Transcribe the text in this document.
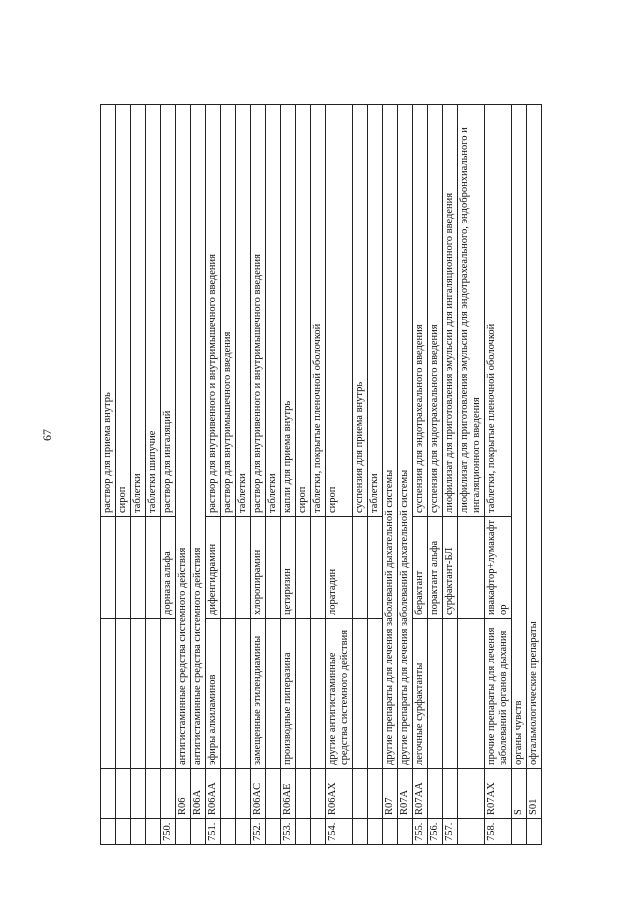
67
					раствор для приема внутрь
				сироп
				таблетки
				таблетки шипучие
750.			дорназа альфа	раствор для ингаляций
	R06	антигистаминные средства системного действия		
	R06A	антигистаминные средства системного действия		
751.	R06AA	эфиры алкиламинов	дифенгидрамин	раствор для внутривенного и внутримышечного введения
				раствор для внутримышечного введения
				таблетки
752.	R06AC	замещенные этилендиамины	хлоропирамин	раствор для внутривенного и внутримышечного введения
				таблетки
753.	R06AE	производные пиперазина	цетиризин	капли для приема внутрь
				сироп
				таблетки, покрытые пленочной оболочкой
754.	R06AX	другие антигистаминные средства системного действия	лоратадин	сироп
				суспензия для приема внутрь
				таблетки
	R07	другие препараты для лечения заболеваний дыхательной системы		
	R07A	другие препараты для лечения заболеваний дыхательной системы		
755.	R07AA	легочные сурфактанты	берактант	суспензия для эндотрахеального введения
756.			порактант альфа	суспензия для эндотрахеального введения
757.			сурфактант-БЛ	лиофилизат для приготовления эмульсии для ингаляционного введения
				лиофилизат для приготовления эмульсии для эндотрахеального, эндобронхиального и ингаляционного введения
758.	R07AX	прочие препараты для лечения заболеваний органов дыхания	ивакафтор+лумакафтор	таблетки, покрытые пленочной оболочкой
	S	органы чувств		
	S01	офтальмологические препараты		
